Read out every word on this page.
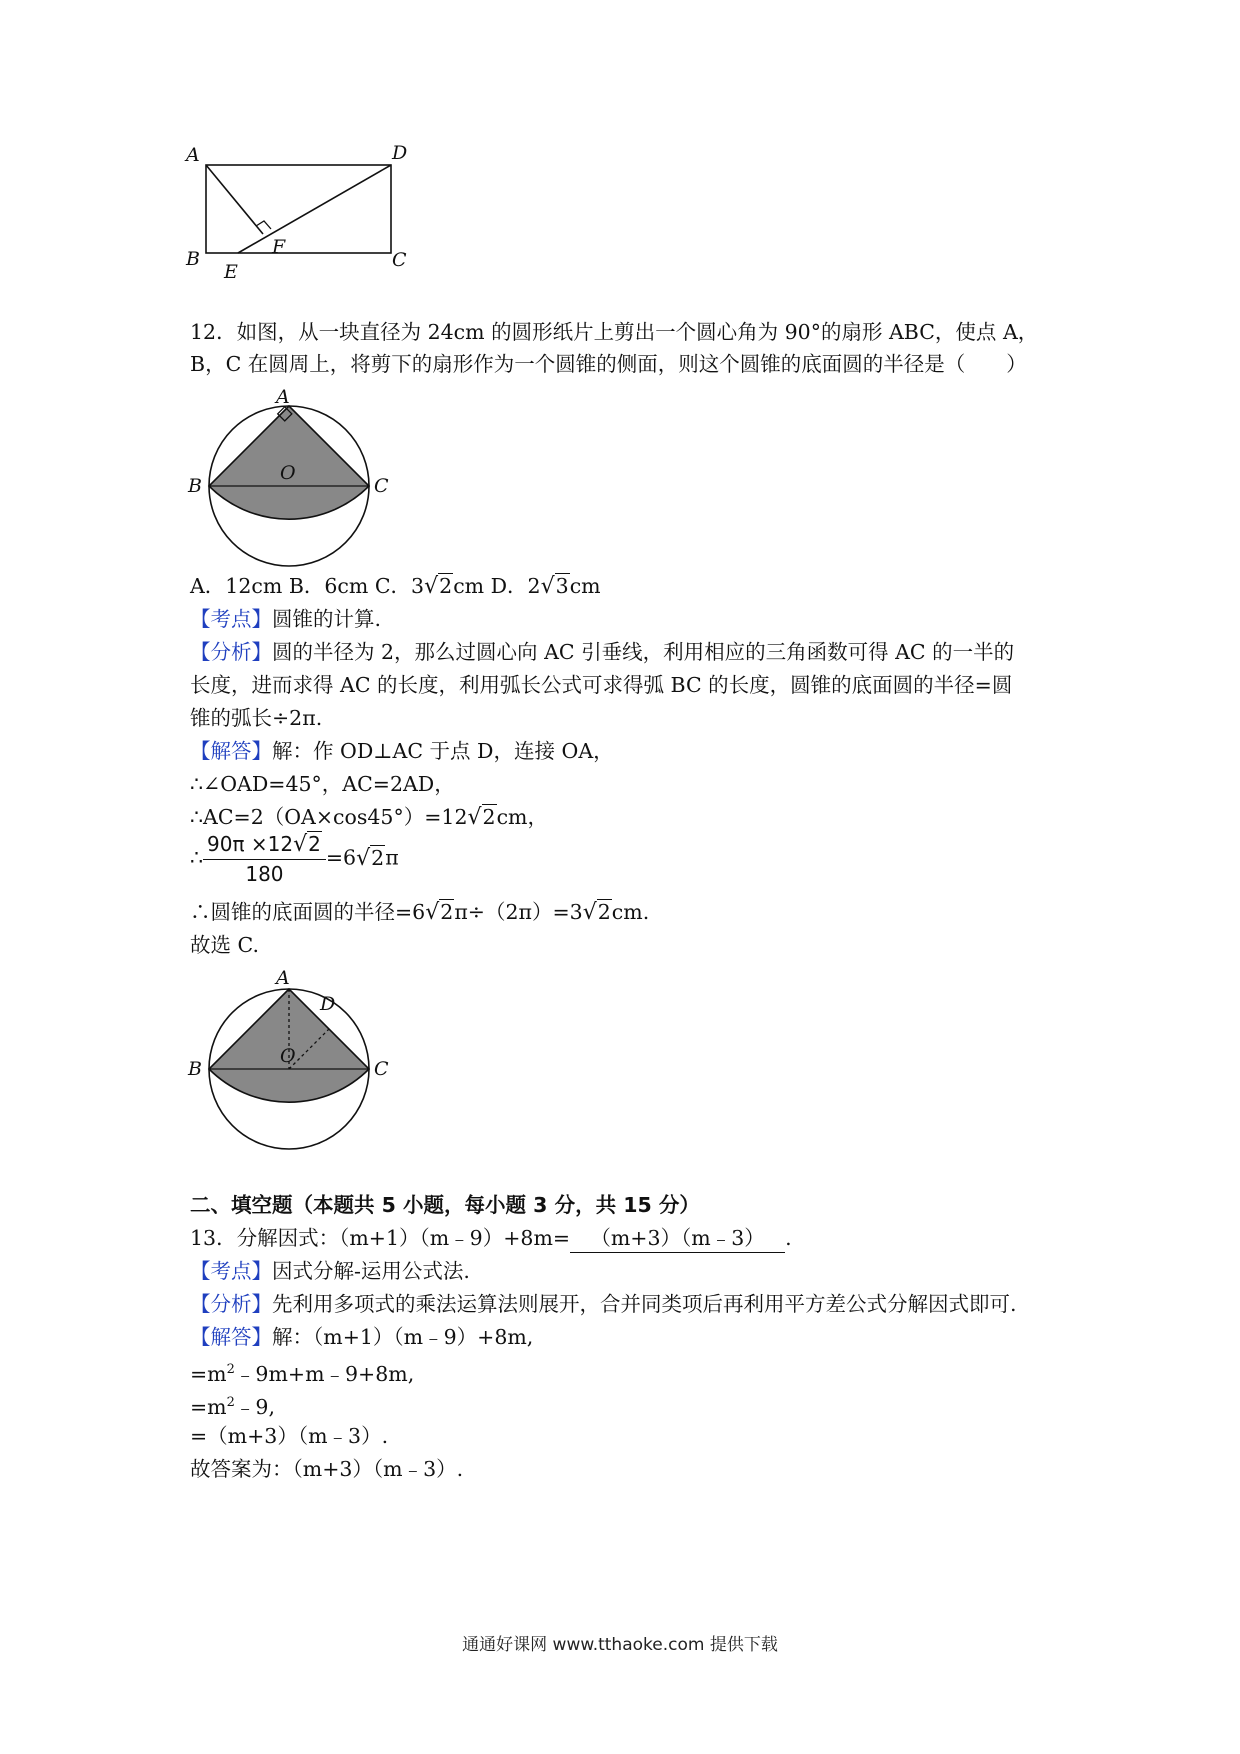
A	D
B	C
E
F
12．如图，从一块直径为 24cm 的圆形纸片上剪出一个圆心角为 90°的扇形 ABC，使点 A，
B，C 在圆周上，将剪下的扇形作为一个圆锥的侧面，则这个圆锥的底面圆的半径是（　　）
A
B	C
O
A．12cm B．6cm C．3√2cm D．2√3cm
【考点】圆锥的计算.
【分析】圆的半径为 2，那么过圆心向 AC 引垂线，利用相应的三角函数可得 AC 的一半的
长度，进而求得 AC 的长度，利用弧长公式可求得弧 BC 的长度，圆锥的底面圆的半径=圆
锥的弧长÷2π.
【解答】解：作 OD⊥AC 于点 D，连接 OA，
∴∠OAD=45°，AC=2AD，
∴AC=2（OA×cos45°）=12√2cm，
∴ $\frac{90\pi \times 12√2}{180} =6√2\pi$
∴圆锥的底面圆的半径=6√2π÷（2π）=3√2cm.
故选 C.
A
D
B	C
O
二、填空题（本题共 5 小题，每小题 3 分，共 15 分）
13．分解因式：（m+1）（m﹣9）+8m= （m+3）（m﹣3） .
【考点】因式分解-运用公式法.
【分析】先利用多项式的乘法运算法则展开，合并同类项后再利用平方差公式分解因式即可.
【解答】解：（m+1）（m﹣9）+8m,
$=m^2﹣9m+m﹣9+8m$,
$=m^2﹣9$,
=（m+3）（m﹣3）.
故答案为：（m+3）（m﹣3）.
通通好课网 www.tthaoke.com 提供下载
